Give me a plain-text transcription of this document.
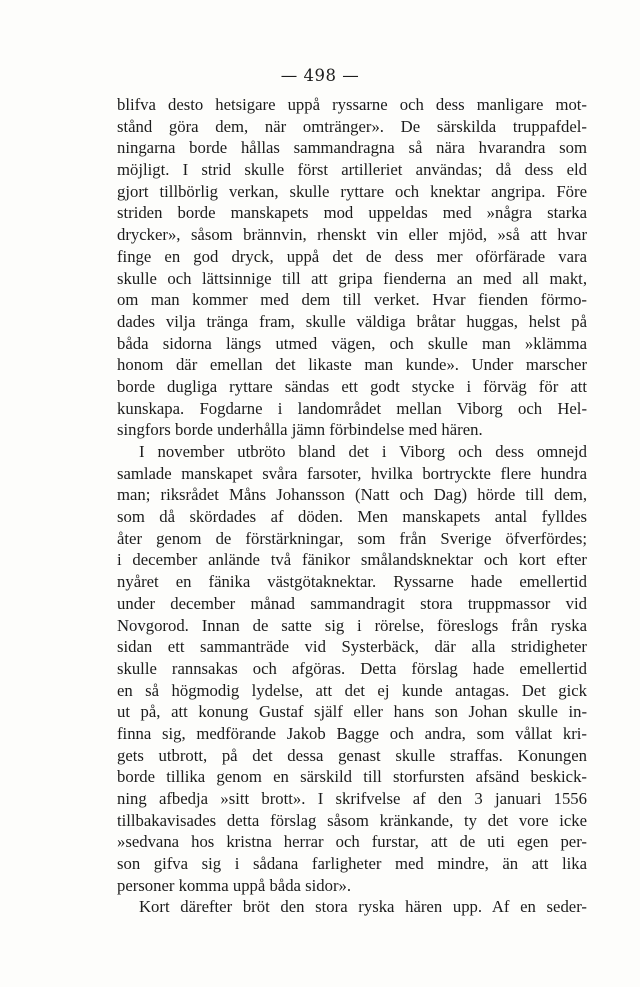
— 498 —
blifva desto hetsigare uppå ryssarne och dess manligare mot-
stånd göra dem, när omtränger». De särskilda truppafdel-
ningarna borde hållas sammandragna så nära hvarandra som
möjligt. I strid skulle först artilleriet användas; då dess eld
gjort tillbörlig verkan, skulle ryttare och knektar angripa. Före
striden borde manskapets mod uppeldas med »några starka
drycker», såsom brännvin, rhenskt vin eller mjöd, »så att hvar
finge en god dryck, uppå det de dess mer oförfärade vara
skulle och lättsinnige till att gripa fienderna an med all makt,
om man kommer med dem till verket. Hvar fienden förmo-
dades vilja tränga fram, skulle väldiga bråtar huggas, helst på
båda sidorna längs utmed vägen, och skulle man »klämma
honom där emellan det likaste man kunde». Under marscher
borde dugliga ryttare sändas ett godt stycke i förväg för att
kunskapa. Fogdarne i landområdet mellan Viborg och Hel-
singfors borde underhålla jämn förbindelse med hären.
I november utbröto bland det i Viborg och dess omnejd
samlade manskapet svåra farsoter, hvilka bortryckte flere hundra
man; riksrådet Måns Johansson (Natt och Dag) hörde till dem,
som då skördades af döden. Men manskapets antal fylldes
åter genom de förstärkningar, som från Sverige öfverfördes;
i december anlände två fänikor smålandsknektar och kort efter
nyåret en fänika västgötaknektar. Ryssarne hade emellertid
under december månad sammandragit stora truppmassor vid
Novgorod. Innan de satte sig i rörelse, föreslogs från ryska
sidan ett sammanträde vid Systerbäck, där alla stridigheter
skulle rannsakas och afgöras. Detta förslag hade emellertid
en så högmodig lydelse, att det ej kunde antagas. Det gick
ut på, att konung Gustaf själf eller hans son Johan skulle in-
finna sig, medförande Jakob Bagge och andra, som vållat kri-
gets utbrott, på det dessa genast skulle straffas. Konungen
borde tillika genom en särskild till storfursten afsänd beskick-
ning afbedja »sitt brott». I skrifvelse af den 3 januari 1556
tillbakavisades detta förslag såsom kränkande, ty det vore icke
»sedvana hos kristna herrar och furstar, att de uti egen per-
son gifva sig i sådana farligheter med mindre, än att lika
personer komma uppå båda sidor».
Kort därefter bröt den stora ryska hären upp. Af en seder-
